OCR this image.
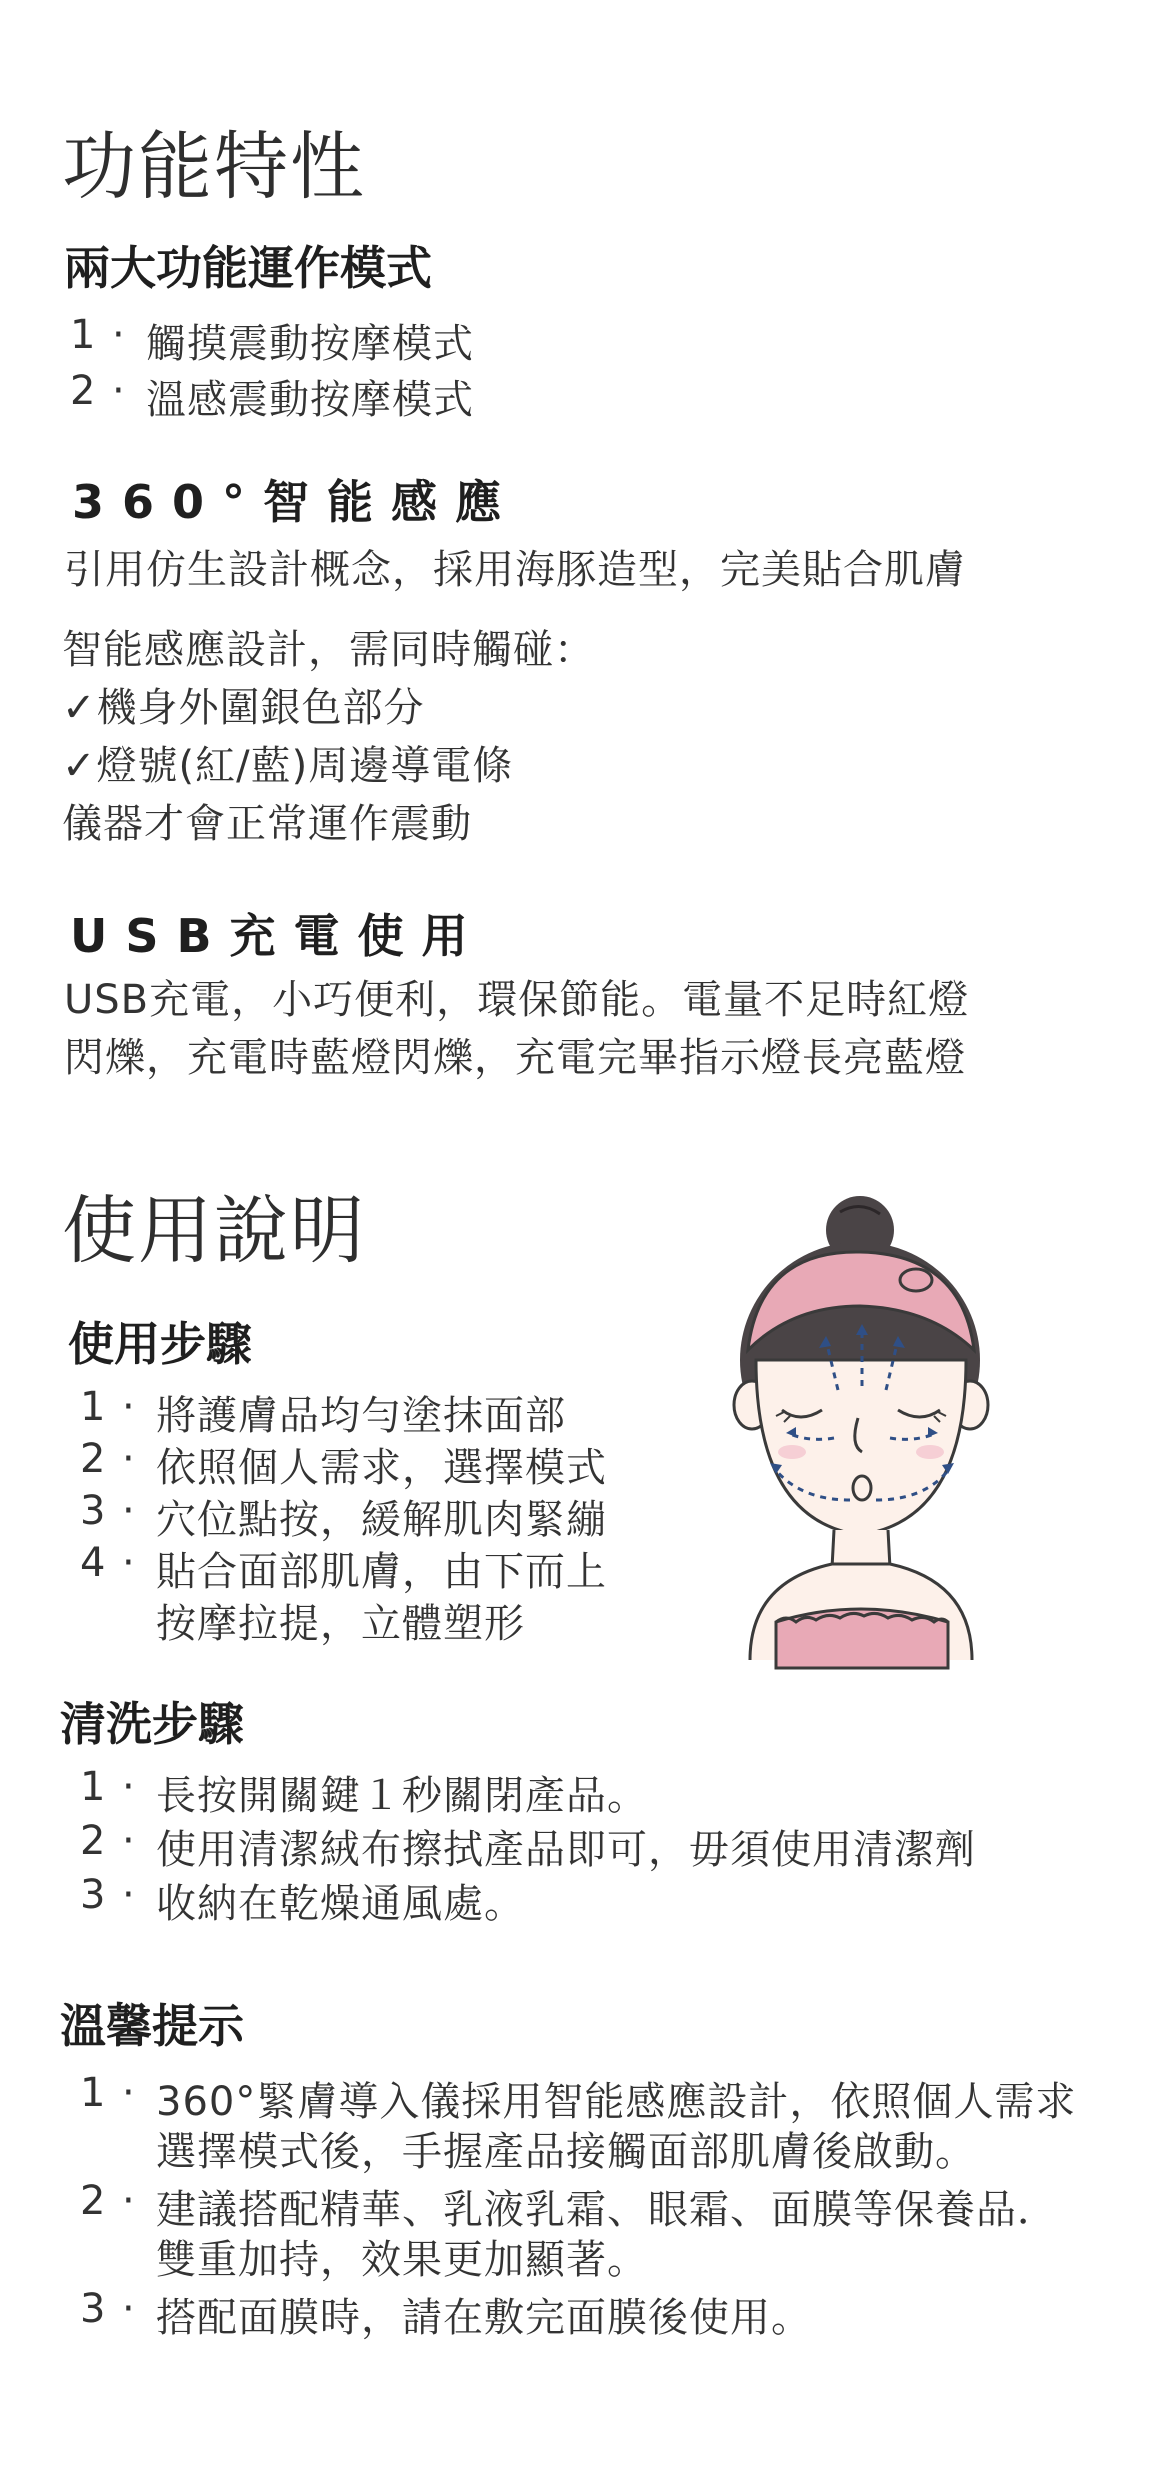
功能特性
兩大功能運作模式
1 · 觸摸震動按摩模式
2 · 溫感震動按摩模式
360°智能感應
引用仿生設計概念，採用海豚造型，完美貼合肌膚
智能感應設計，需同時觸碰：
✓機身外圍銀色部分
✓燈號(紅/藍)周邊導電條
儀器才會正常運作震動
USB充電使用
USB充電，小巧便利，環保節能。電量不足時紅燈
閃爍，充電時藍燈閃爍，充電完畢指示燈長亮藍燈
使用說明
使用步驟
1 · 將護膚品均勻塗抹面部
2 · 依照個人需求，選擇模式
3 · 穴位點按，緩解肌肉緊繃
4 · 貼合面部肌膚，由下而上
按摩拉提，立體塑形
清洗步驟
1 · 長按開關鍵１秒關閉產品。
2 · 使用清潔絨布擦拭產品即可，毋須使用清潔劑
3 · 收納在乾燥通風處。
溫馨提示
1 · 360°緊膚導入儀採用智能感應設計，依照個人需求
選擇模式後，手握產品接觸面部肌膚後啟動。
2 · 建議搭配精華、乳液乳霜、眼霜、面膜等保養品．
雙重加持，效果更加顯著。
3 · 搭配面膜時，請在敷完面膜後使用。
